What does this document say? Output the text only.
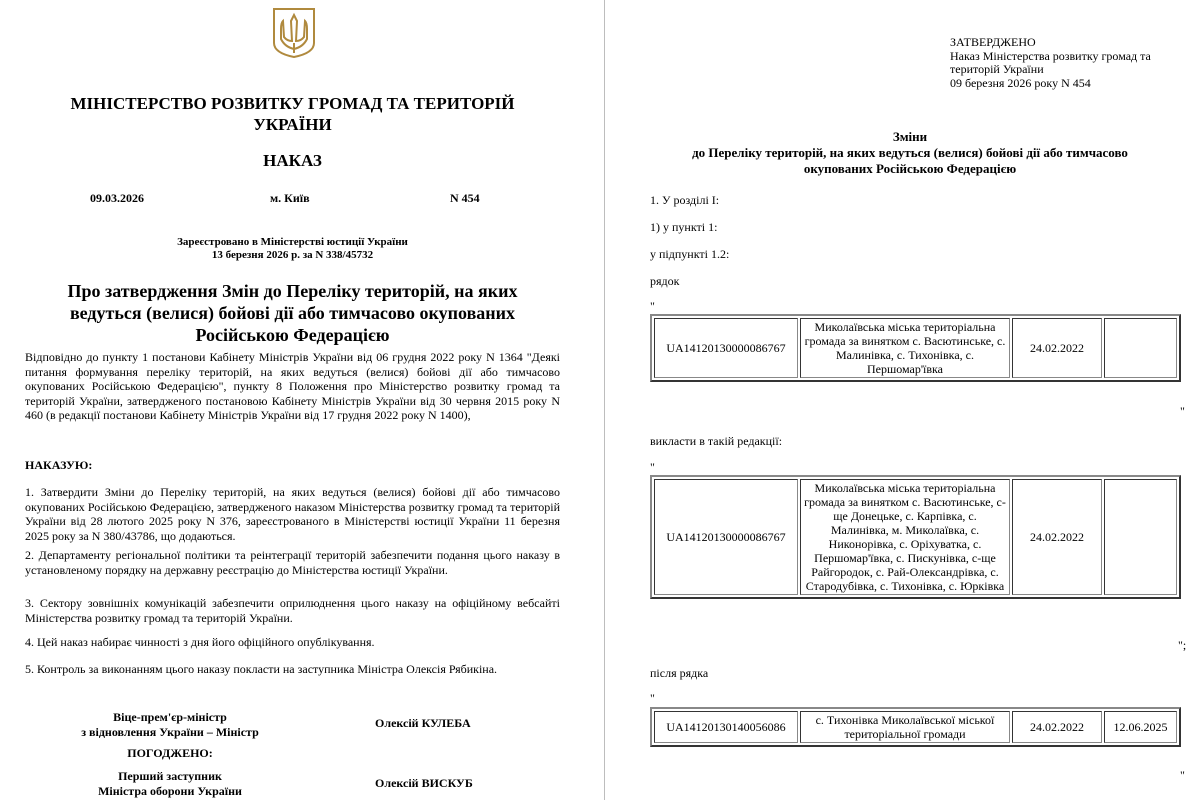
МІНІСТЕРСТВО РОЗВИТКУ ГРОМАД ТА ТЕРИТОРІЙ
УКРАЇНИ
НАКАЗ
09.03.2026	м. Київ	N 454
Зареєстровано в Міністерстві юстиції України
13 березня 2026 р. за N 338/45732
Про затвердження Змін до Переліку територій, на яких
ведуться (велися) бойові дії або тимчасово окупованих
Російською Федерацією
Відповідно до пункту 1 постанови Кабінету Міністрів України від 06 грудня 2022 року N 1364 "Деякі питання формування переліку територій, на яких ведуться (велися) бойові дії або тимчасово окупованих Російською Федерацією", пункту 8 Положення про Міністерство розвитку громад та територій України, затвердженого постановою Кабінету Міністрів України від 30 червня 2015 року N 460 (в редакції постанови Кабінету Міністрів України від 17 грудня 2022 року N 1400),
НАКАЗУЮ:
1. Затвердити Зміни до Переліку територій, на яких ведуться (велися) бойові дії або тимчасово окупованих Російською Федерацією, затвердженого наказом Міністерства розвитку громад та територій України від 28 лютого 2025 року N 376, зареєстрованого в Міністерстві юстиції України 11 березня 2025 року за N 380/43786, що додаються.
2. Департаменту регіональної політики та реінтеграції територій забезпечити подання цього наказу в установленому порядку на державну реєстрацію до Міністерства юстиції України.
3. Сектору зовнішніх комунікацій забезпечити оприлюднення цього наказу на офіційному вебсайті Міністерства розвитку громад та територій України.
4. Цей наказ набирає чинності з дня його офіційного опублікування.
5. Контроль за виконанням цього наказу покласти на заступника Міністра Олексія Рябикіна.
Віце-прем'єр-міністр
з відновлення України – Міністр
Олексій КУЛЕБА
ПОГОДЖЕНО:
Перший заступник
Міністра оборони України
Олексій ВИСКУБ
ЗАТВЕРДЖЕНО
Наказ Міністерства розвитку громад та
територій України
09 березня 2026 року N 454
Зміни
до Переліку територій, на яких ведуться (велися) бойові дії або тимчасово
окупованих Російською Федерацією
1. У розділі I:
1) у пункті 1:
у підпункті 1.2:
рядок
"
UA14120130000086767	Миколаївська міська територіальна громада за винятком с. Васютинське, с. Малинівка, с. Тихонівка, с. Першомар'ївка	24.02.2022	
"
викласти в такій редакції:
"
UA14120130000086767	Миколаївська міська територіальна громада за винятком с. Васютинське, с-ще Донецьке, с. Карпівка, с. Малинівка, м. Миколаївка, с. Никонорівка, с. Оріхуватка, с. Першомар'ївка, с. Пискунівка, с-ще Райгородок, с. Рай-Олександрівка, с. Стародубівка, с. Тихонівка, с. Юрківка	24.02.2022	
";
після рядка
"
UA14120130140056086	с. Тихонівка Миколаївської міської територіальної громади	24.02.2022	12.06.2025
"
